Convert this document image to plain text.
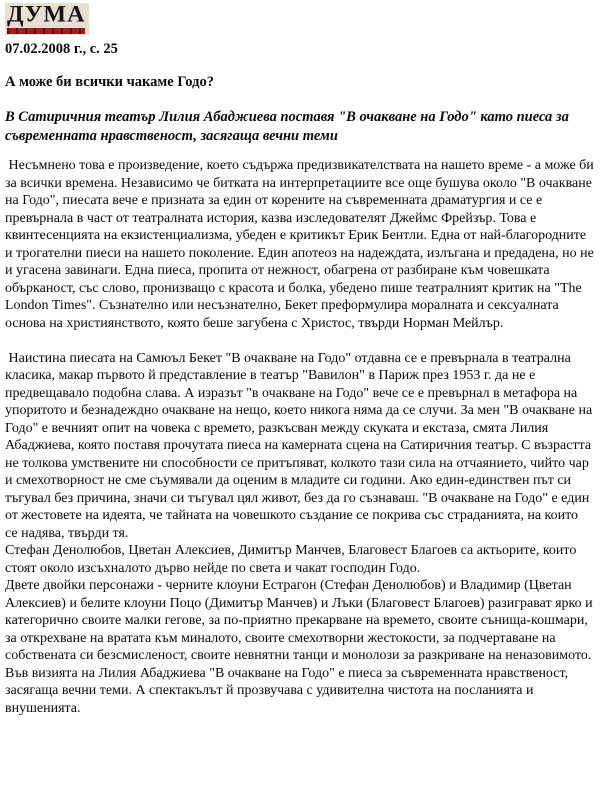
ДУМА
07.02.2008 г., с. 25
А може би всички чакаме Годо?
В Сатиричния театър Лилия Абаджиева поставя "В очакване на Годо" като пиеса за съвременната нравственост, засягаща вечни теми

Несъмнено това е произведение, което съдържа предизвикателствата на нашето време - а може би за всички времена. Независимо че битката на интерпретациите все още бушува около "В очакване на Годо", пиесата вече е призната за един от корените на съвременната драматургия и се е превърнала в част от театралната история, казва изследователят Джеймс Фрейзър. Това е квинтесенцията на екзистенциализма, убеден е критикът Ерик Бентли. Една от най-благородните и трогателни пиеси на нашето поколение. Един апотеоз на надеждата, излъгана и предадена, но не и угасена завинаги. Една пиеса, пропита от нежност, обагрена от разбиране към човешката обърканост, със слово, пронизващо с красота и болка, убедено пише театралният критик на "The London Times". Съзнателно или несъзнателно, Бекет преформулира моралната и сексуалната основа на християнството, която беше загубена с Христос, твърди Норман Мейлър.

Наистина пиесата на Самюъл Бекет "В очакване на Годо" отдавна се е превърнала в театрална класика, макар първото й представление в театър "Вавилон" в Париж през 1953 г. да не е предвещавало подобна слава. А изразът "в очакване на Годо" вече се е превърнал в метафора на упоритото и безнадеждно очакване на нещо, което никога няма да се случи. За мен "В очакване на Годо" е вечният опит на човека с времето, разкъсван между скуката и екстаза, смята Лилия Абаджиева, която поставя прочутата пиеса на камерната сцена на Сатиричния театър. С възрастта не толкова умствените ни способности се притъпяват, колкото тази сила на отчаянието, чийто чар и смехотворност не сме съумявали да оценим в младите си години. Ако един-единствен път си тъгувал без причина, значи си тъгувал цял живот, без да го съзнаваш. "В очакване на Годо" е един от жестовете на идеята, че тайната на човешкото създание се покрива със страданията, на които се надява, твърди тя.

Стефан Денолюбов, Цветан Алексиев, Димитър Манчев, Благовест Благоев са актьорите, които стоят около изсъхналото дърво нейде по света и чакат господин Годо.

Двете двойки персонажи - черните клоуни Естрагон (Стефан Денолюбов) и Владимир (Цветан Алексиев) и белите клоуни Поцо (Димитър Манчев) и Лъки (Благовест Благоев) разиграват ярко и категорично своите малки гегове, за по-приятно прекарване на времето, своите сънища-кошмари, за открехване на вратата към миналото, своите смехотворни жестокости, за подчертаване на собствената си безсмисленост, своите невнятни танци и монолози за разкриване на неназовимото.

Във визията на Лилия Абаджиева "В очакване на Годо" е пиеса за съвременната нравственост, засягаща вечни теми. А спектакълът й прозвучава с удивителна чистота на посланията и внушенията.
